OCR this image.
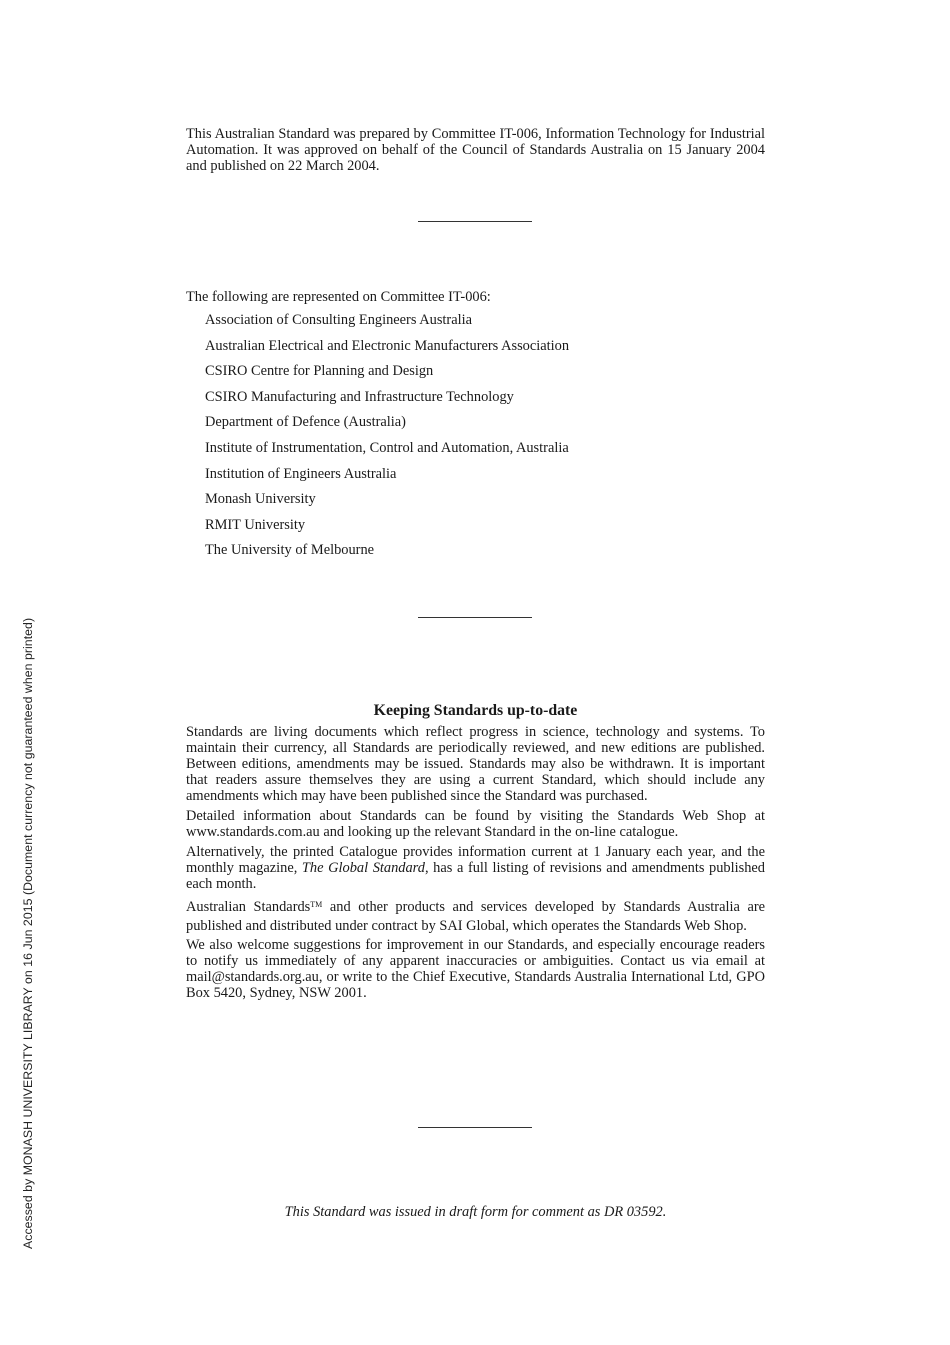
Accessed by MONASH UNIVERSITY LIBRARY on 16 Jun 2015 (Document currency not guaranteed when printed)
This Australian Standard was prepared by Committee IT-006, Information Technology for Industrial Automation. It was approved on behalf of the Council of Standards Australia on 15 January 2004 and published on 22 March 2004.
The following are represented on Committee IT-006:
Association of Consulting Engineers Australia
Australian Electrical and Electronic Manufacturers Association
CSIRO Centre for Planning and Design
CSIRO Manufacturing and Infrastructure Technology
Department of Defence (Australia)
Institute of Instrumentation, Control and Automation, Australia
Institution of Engineers Australia
Monash University
RMIT University
The University of Melbourne
Keeping Standards up-to-date

Standards are living documents which reflect progress in science, technology and systems. To maintain their currency, all Standards are periodically reviewed, and new editions are published. Between editions, amendments may be issued. Standards may also be withdrawn. It is important that readers assure themselves they are using a current Standard, which should include any amendments which may have been published since the Standard was purchased.

Detailed information about Standards can be found by visiting the Standards Web Shop at www.standards.com.au and looking up the relevant Standard in the on-line catalogue.

Alternatively, the printed Catalogue provides information current at 1 January each year, and the monthly magazine, The Global Standard, has a full listing of revisions and amendments published each month.

Australian Standards™ and other products and services developed by Standards Australia are published and distributed under contract by SAI Global, which operates the Standards Web Shop.

We also welcome suggestions for improvement in our Standards, and especially encourage readers to notify us immediately of any apparent inaccuracies or ambiguities. Contact us via email at mail@standards.org.au, or write to the Chief Executive, Standards Australia International Ltd, GPO Box 5420, Sydney, NSW 2001.

This Standard was issued in draft form for comment as DR 03592.
